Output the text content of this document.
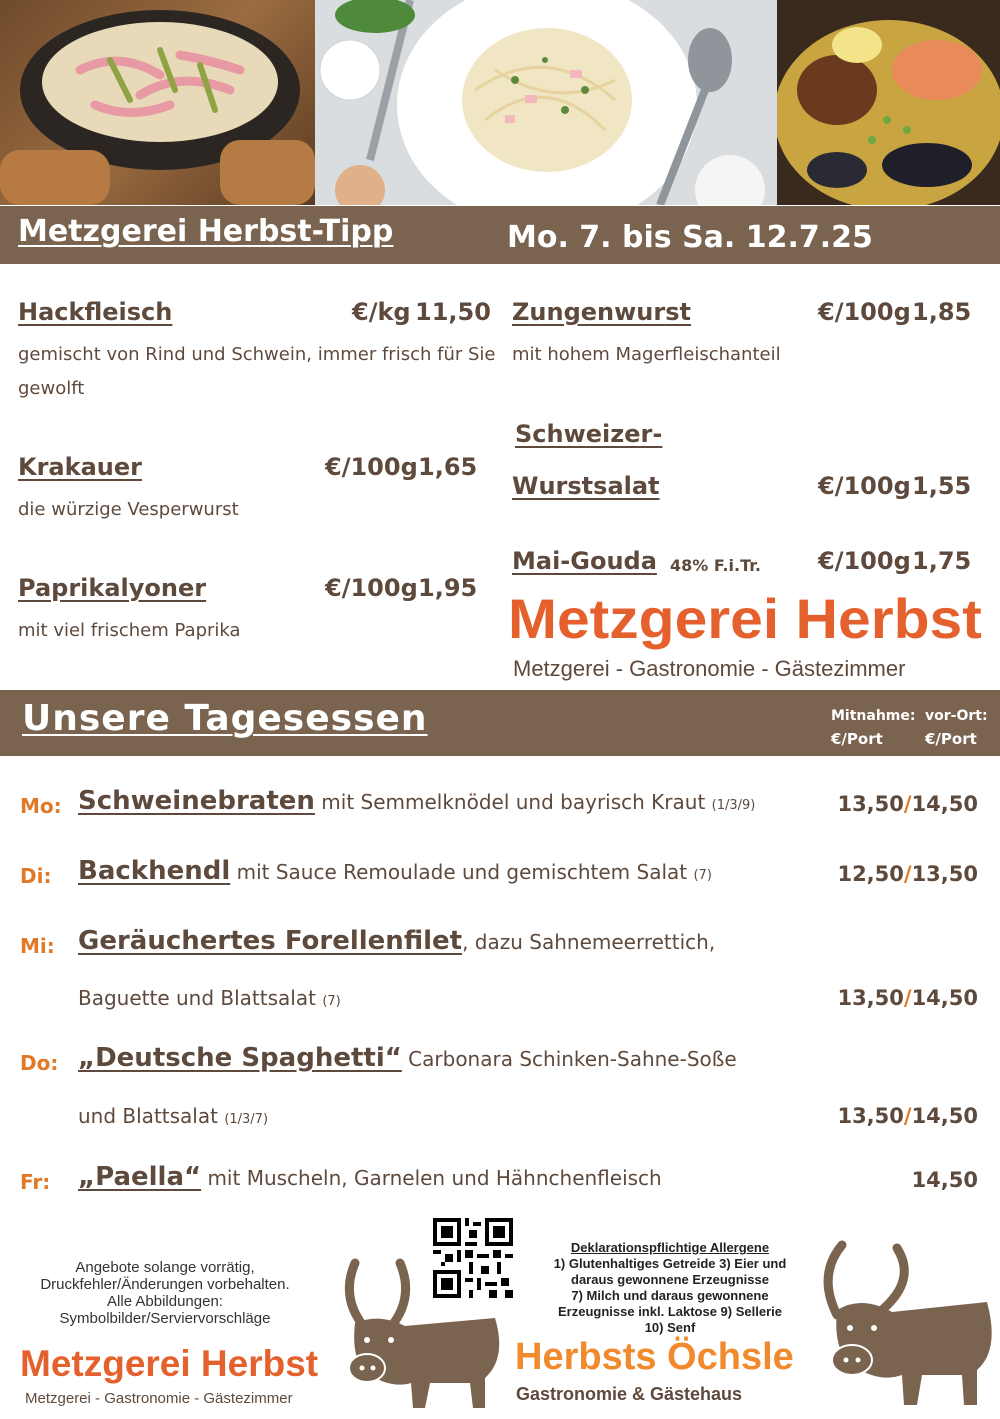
Metzgerei Herbst-Tipp	Mo. 7. bis Sa. 12.7.25
Hackfleisch	€/kg 11,50
gemischt von Rind und Schwein, immer frisch für Sie gewolft
Krakauer	€/100g 1,65
die würzige Vesperwurst
Paprikalyoner	€/100g 1,95
mit viel frischem Paprika
Zungenwurst	€/100g 1,85
mit hohem Magerfleischanteil
Schweizer-
Wurstsalat	€/100g 1,55
Mai-Gouda 48% F.i.Tr. €/100g 1,75
Metzgerei Herbst
Metzgerei - Gastronomie - Gästezimmer
Unsere Tagesessen	Mitnahme:
€/Port
vor-Ort:
€/Port
Mo: Schweinebraten mit Semmelknödel und bayrisch Kraut (1/3/9)	13,50/14,50
Di: Backhendl mit Sauce Remoulade und gemischtem Salat (7)	12,50/13,50
Mi: Geräuchertes Forellenfilet, dazu Sahnemeerrettich,
Baguette und Blattsalat (7)	13,50/14,50
Do: „Deutsche Spaghetti“ Carbonara Schinken-Sahne-Soße
und Blattsalat (1/3/7)	13,50/14,50
Fr: „Paella“ mit Muscheln, Garnelen und Hähnchenfleisch	14,50
Angebote solange vorrätig,
Druckfehler/Änderungen vorbehalten.
Alle Abbildungen:
Symbolbilder/Serviervorschläge
Metzgerei Herbst
Metzgerei - Gastronomie - Gästezimmer
Deklarationspflichtige Allergene
1) Glutenhaltiges Getreide 3) Eier und
daraus gewonnene Erzeugnisse
7) Milch und daraus gewonnene
Erzeugnisse inkl. Laktose 9) Sellerie
10) Senf
Herbsts Öchsle
Gastronomie & Gästehaus
